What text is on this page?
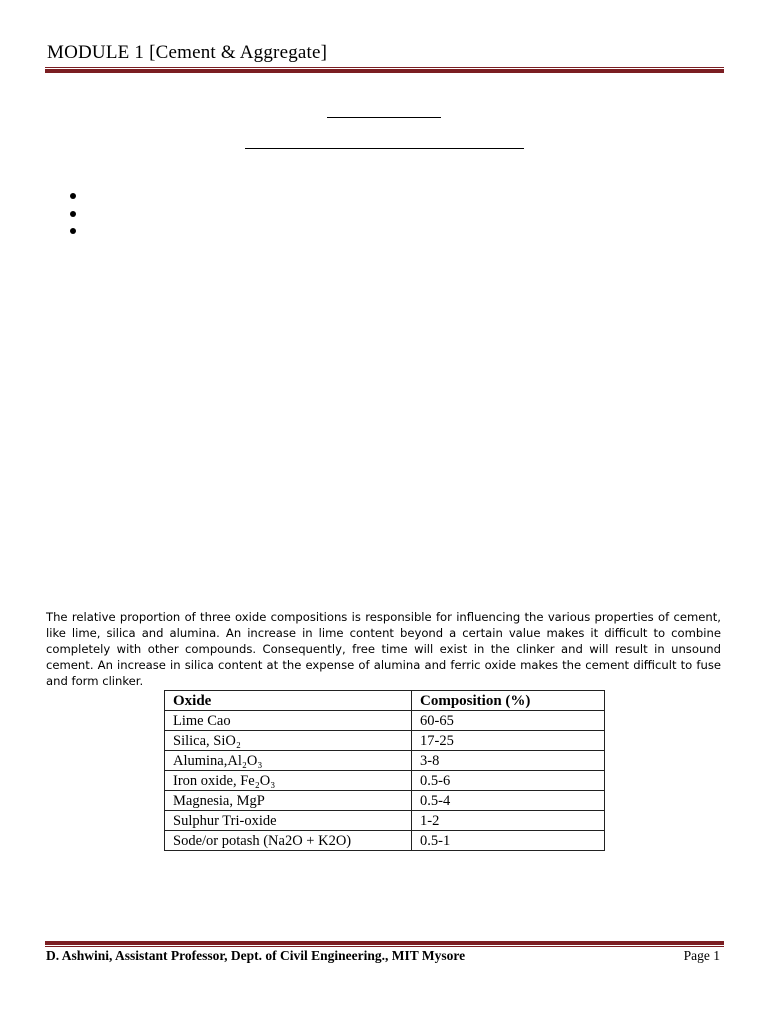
MODULE 1 [Cement & Aggregate]

The relative proportion of three oxide compositions is responsible for influencing the various properties of cement, like lime, silica and alumina. An increase in lime content beyond a certain value makes it difficult to combine completely with other compounds. Consequently, free time will exist in the clinker and will result in unsound cement. An increase in silica content at the expense of alumina and ferric oxide makes the cement difficult to fuse and form clinker.

Oxide	Composition (%)
Lime Cao	60-65
Silica, SiO₂	17-25
Alumina,Al₂O₃	3-8
Iron oxide, Fe₂O₃	0.5-6
Magnesia, MgP	0.5-4
Sulphur Tri-oxide	1-2
Sode/or potash (Na2O + K2O)	0.5-1
D. Ashwini, Assistant Professor, Dept. of Civil Engineering., MIT Mysore	Page 1
